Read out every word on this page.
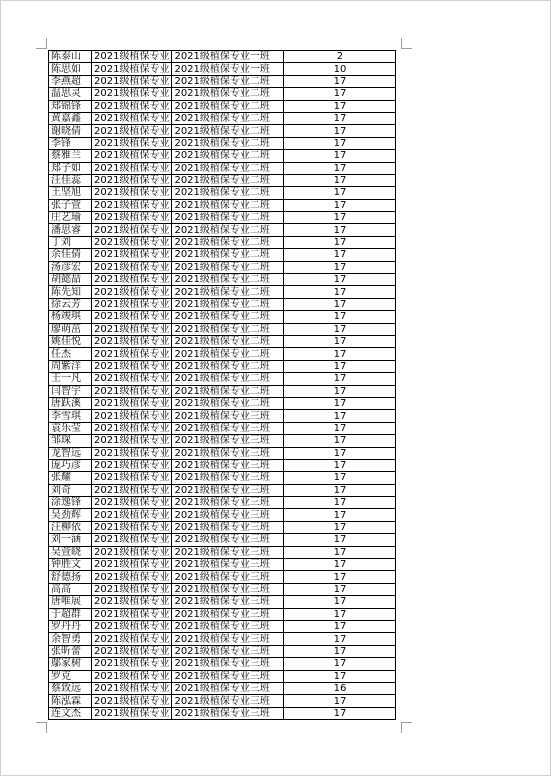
陈泰山	2021级植保专业	2021级植保专业一班	2
陈思如	2021级植保专业	2021级植保专业一班	10
李燕超	2021级植保专业	2021级植保专业二班	17
温思灵	2021级植保专业	2021级植保专业二班	17
郑锦锋	2021级植保专业	2021级植保专业二班	17
黄嘉鑫	2021级植保专业	2021级植保专业二班	17
谢晓倩	2021级植保专业	2021级植保专业二班	17
李锋	2021级植保专业	2021级植保专业二班	17
蔡雅兰	2021级植保专业	2021级植保专业二班	17
郑子如	2021级植保专业	2021级植保专业二班	17
汪佳蕊	2021级植保专业	2021级植保专业二班	17
王坚旭	2021级植保专业	2021级植保专业二班	17
张子萱	2021级植保专业	2021级植保专业二班	17
庄艺瑜	2021级植保专业	2021级植保专业二班	17
潘思睿	2021级植保专业	2021级植保专业二班	17
丁刘	2021级植保专业	2021级植保专业二班	17
余佳倩	2021级植保专业	2021级植保专业二班	17
汤彦宏	2021级植保专业	2021级植保专业二班	17
胡懿喆	2021级植保专业	2021级植保专业二班	17
陈先知	2021级植保专业	2021级植保专业二班	17
徐云芳	2021级植保专业	2021级植保专业二班	17
杨竣琪	2021级植保专业	2021级植保专业二班	17
廖萌茁	2021级植保专业	2021级植保专业二班	17
姚佳悦	2021级植保专业	2021级植保专业二班	17
任杰	2021级植保专业	2021级植保专业二班	17
周紫洋	2021级植保专业	2021级植保专业二班	17
王一凡	2021级植保专业	2021级植保专业二班	17
闫智宇	2021级植保专业	2021级植保专业二班	17
唐跃溪	2021级植保专业	2021级植保专业二班	17
李雪琪	2021级植保专业	2021级植保专业三班	17
袁乐莹	2021级植保专业	2021级植保专业三班	17
邹琛	2021级植保专业	2021级植保专业三班	17
龙智远	2021级植保专业	2021级植保专业三班	17
庞巧彦	2021级植保专业	2021级植保专业三班	17
张耀	2021级植保专业	2021级植保专业三班	17
刘奇	2021级植保专业	2021级植保专业三班	17
涂逸锋	2021级植保专业	2021级植保专业三班	17
吴劲辉	2021级植保专业	2021级植保专业三班	17
汪柳依	2021级植保专业	2021级植保专业三班	17
刘一涵	2021级植保专业	2021级植保专业三班	17
吴萱晓	2021级植保专业	2021级植保专业三班	17
钟胜文	2021级植保专业	2021级植保专业三班	17
舒德扬	2021级植保专业	2021级植保专业三班	17
高高	2021级植保专业	2021级植保专业三班	17
唐唯展	2021级植保专业	2021级植保专业三班	17
于超群	2021级植保专业	2021级植保专业三班	17
罗丹丹	2021级植保专业	2021级植保专业三班	17
余智勇	2021级植保专业	2021级植保专业三班	17
张昕蕾	2021级植保专业	2021级植保专业三班	17
鄢家树	2021级植保专业	2021级植保专业三班	17
罗克	2021级植保专业	2021级植保专业三班	17
蔡致远	2021级植保专业	2021级植保专业三班	16
陈泓霖	2021级植保专业	2021级植保专业三班	17
连文杰	2021级植保专业	2021级植保专业三班	17
